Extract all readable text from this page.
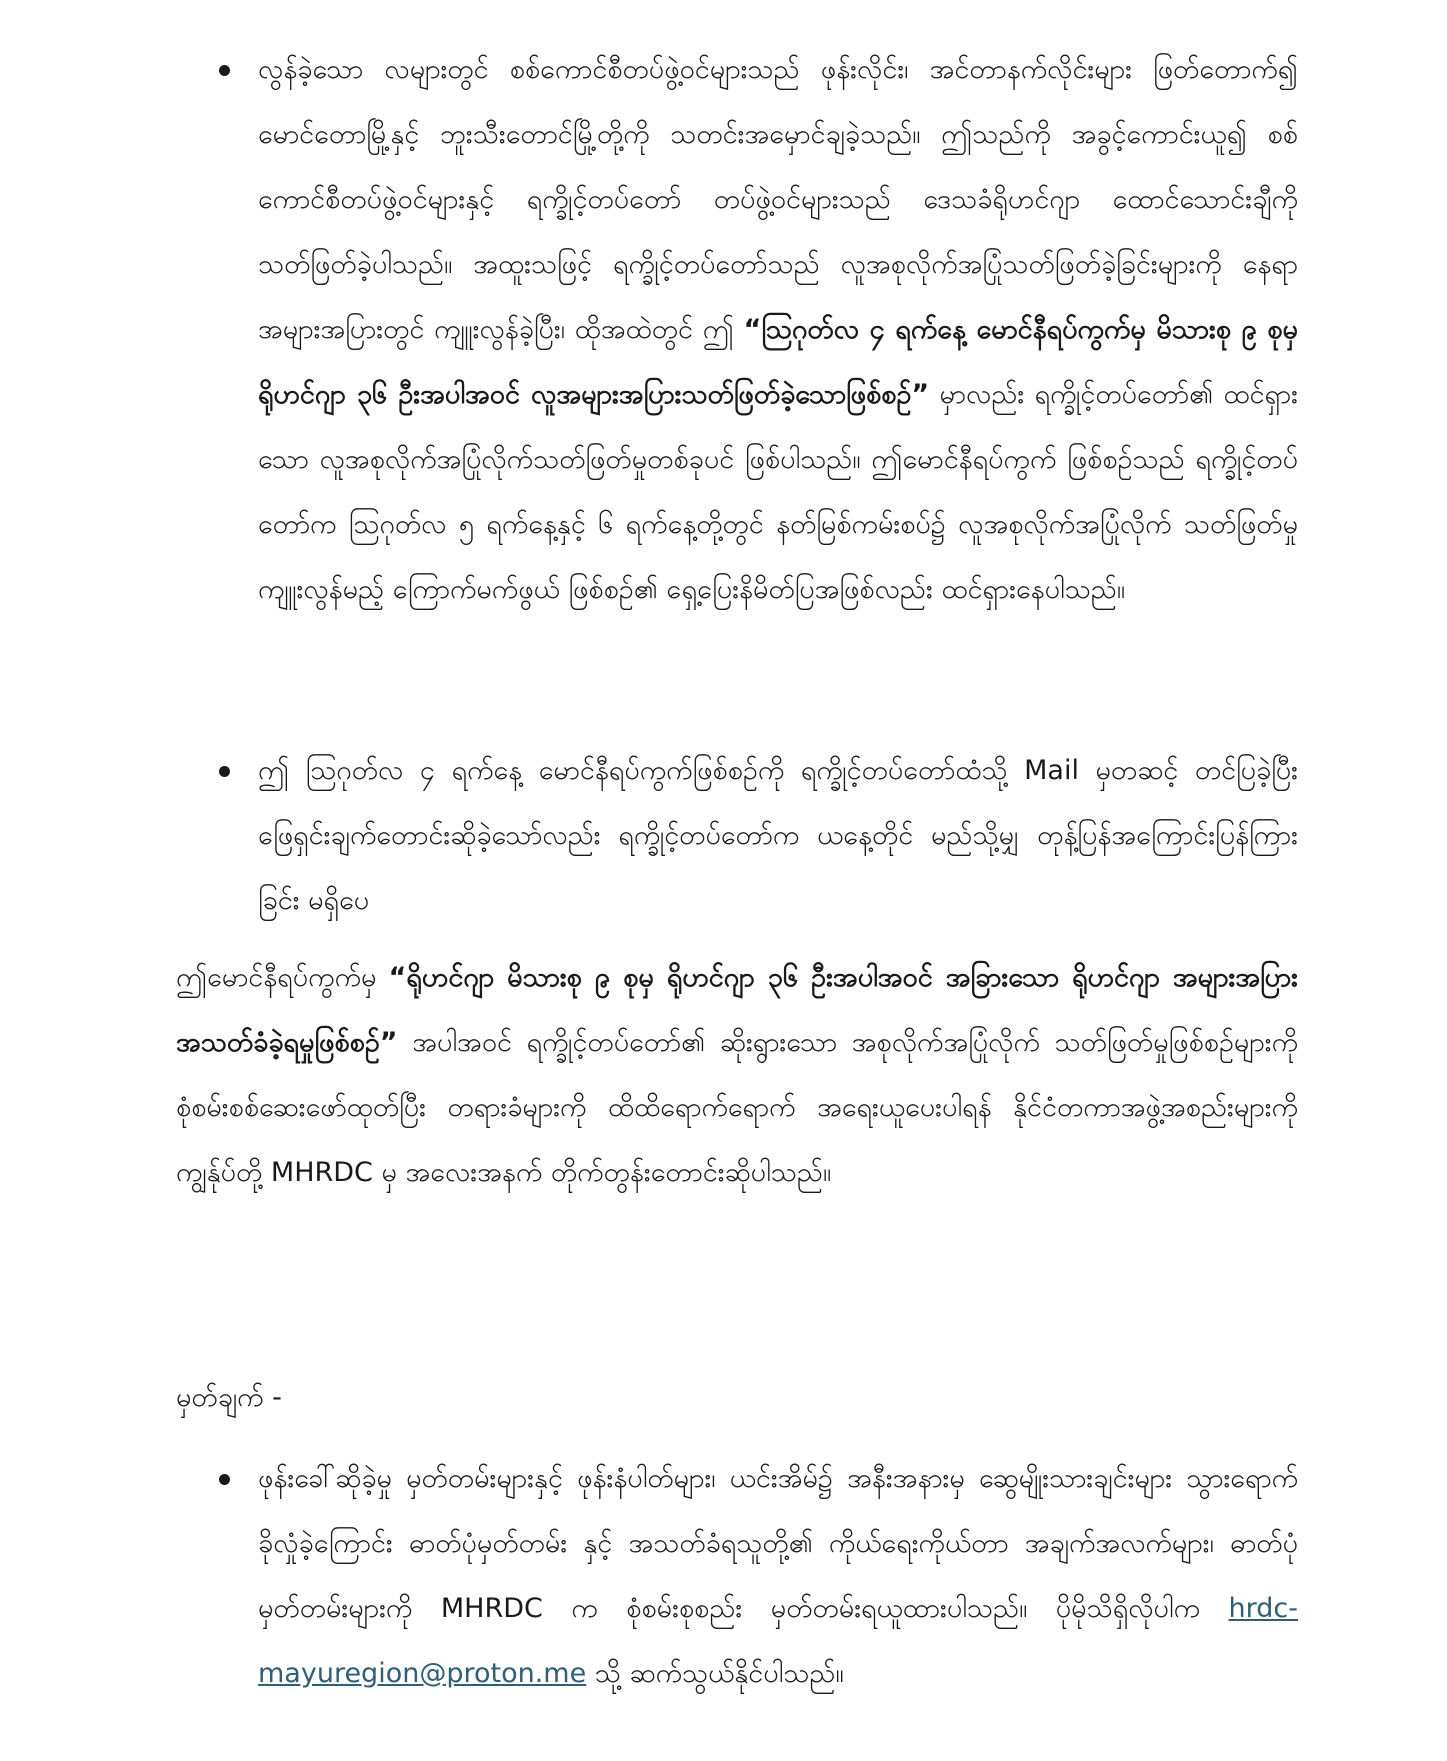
လွန်ခဲ့သော လများတွင် စစ်ကောင်စီတပ်ဖွဲ့ဝင်များသည် ဖုန်းလိုင်း၊ အင်တာနက်လိုင်းများ ဖြတ်တောက်၍ မောင်တောမြို့နှင့် ဘူးသီးတောင်မြို့တို့ကို သတင်းအမှောင်ချခဲ့သည်။ ဤသည်ကို အခွင့်ကောင်းယူ၍ စစ်ကောင်စီတပ်ဖွဲ့ဝင်များနှင့် ရက္ခိုင့်တပ်တော် တပ်ဖွဲ့ဝင်များသည် ဒေသခံရိုဟင်ဂျာ ထောင်သောင်းချီကို သတ်ဖြတ်ခဲ့ပါသည်။ အထူးသဖြင့် ရက္ခိုင့်တပ်တော်သည် လူအစုလိုက်အပြုံသတ်ဖြတ်ခဲ့ခြင်းများကို နေရာအများအပြားတွင် ကျူးလွန်ခဲ့ပြီး၊ ထိုအထဲတွင် ဤ “ဩဂုတ်လ ၄ ရက်နေ့ မောင်နီရပ်ကွက်မှ မိသားစု ၉ စုမှ ရိုဟင်ဂျာ ၃၆ ဦးအပါအဝင် လူအများအပြားသတ်ဖြတ်ခဲ့သောဖြစ်စဉ်” မှာလည်း ရက္ခိုင့်တပ်တော်၏ ထင်ရှားသော လူအစုလိုက်အပြုံလိုက်သတ်ဖြတ်မှုတစ်ခုပင် ဖြစ်ပါသည်။ ဤမောင်နီရပ်ကွက် ဖြစ်စဉ်သည် ရက္ခိုင့်တပ်တော်က ဩဂုတ်လ ၅ ရက်နေ့နှင့် ၆ ရက်နေ့တို့တွင် နတ်မြစ်ကမ်းစပ်၌ လူအစုလိုက်အပြုံလိုက် သတ်ဖြတ်မှုကျူးလွန်မည့် ကြောက်မက်ဖွယ် ဖြစ်စဉ်၏ ရှေ့ပြေးနိမိတ်ပြအဖြစ်လည်း ထင်ရှားနေပါသည်။
ဤ ဩဂုတ်လ ၄ ရက်နေ့ မောင်နီရပ်ကွက်ဖြစ်စဉ်ကို ရက္ခိုင့်တပ်တော်ထံသို့ Mail မှတဆင့် တင်ပြခဲ့ပြီး ဖြေရှင်းချက်တောင်းဆိုခဲ့သော်လည်း ရက္ခိုင့်တပ်တော်က ယနေ့တိုင် မည်သို့မျှ တုန့်ပြန်အကြောင်းပြန်ကြားခြင်း မရှိပေ
ဤမောင်နီရပ်ကွက်မှ “ရိုဟင်ဂျာ မိသားစု ၉ စုမှ ရိုဟင်ဂျာ ၃၆ ဦးအပါအဝင် အခြားသော ရိုဟင်ဂျာ အများအပြား အသတ်ခံခဲ့ရမှုဖြစ်စဉ်” အပါအဝင် ရက္ခိုင့်တပ်တော်၏ ဆိုးရွားသော အစုလိုက်အပြုံလိုက် သတ်ဖြတ်မှုဖြစ်စဉ်များကို စုံစမ်းစစ်ဆေးဖော်ထုတ်ပြီး တရားခံများကို ထိထိရောက်ရောက် အရေးယူပေးပါရန် နိုင်ငံတကာအဖွဲ့အစည်းများကို ကျွန်ုပ်တို့ MHRDC မှ အလေးအနက် တိုက်တွန်းတောင်းဆိုပါသည်။
မှတ်ချက် -
ဖုန်းခေါ်ဆိုခဲ့မှု မှတ်တမ်းများနှင့် ဖုန်းနံပါတ်များ၊ ယင်းအိမ်၌ အနီးအနားမှ ဆွေမျိုးသားချင်းများ သွားရောက်ခိုလှုံခဲ့ကြောင်း ဓာတ်ပုံမှတ်တမ်း နှင့် အသတ်ခံရသူတို့၏ ကိုယ်ရေးကိုယ်တာ အချက်အလက်များ၊ ဓာတ်ပုံမှတ်တမ်းများကို MHRDC က စုံစမ်းစုစည်း မှတ်တမ်းရယူထားပါသည်။ ပိုမိုသိရှိလိုပါက hrdc-mayuregion@proton.me သို့ ဆက်သွယ်နိုင်ပါသည်။
